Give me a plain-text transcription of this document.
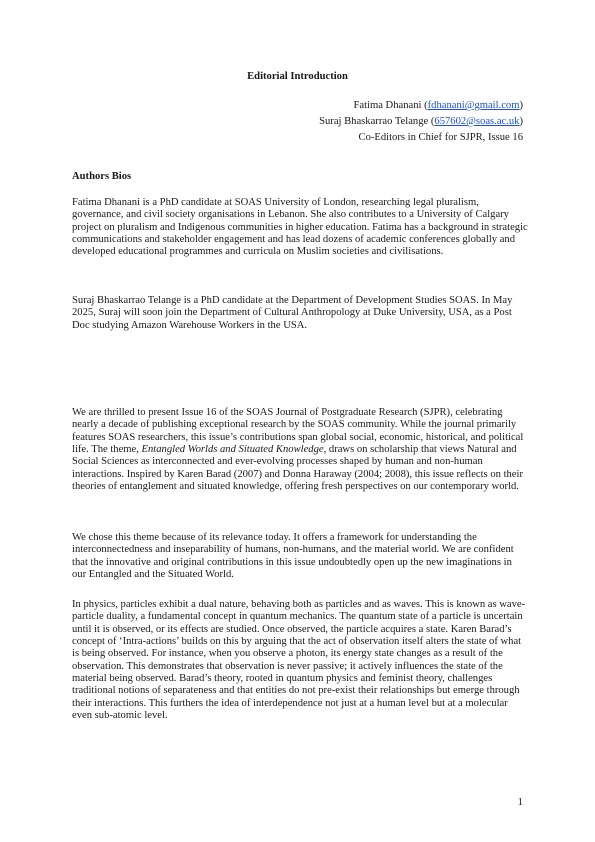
Editorial Introduction
Fatima Dhanani (fdhanani@gmail.com)
Suraj Bhaskarrao Telange (657602@soas.ac.uk)
Co-Editors in Chief for SJPR, Issue 16
Authors Bios

Fatima Dhanani is a PhD candidate at SOAS University of London, researching legal pluralism, governance, and civil society organisations in Lebanon. She also contributes to a University of Calgary project on pluralism and Indigenous communities in higher education. Fatima has a background in strategic communications and stakeholder engagement and has lead dozens of academic conferences globally and developed educational programmes and curricula on Muslim societies and civilisations.

Suraj Bhaskarrao Telange is a PhD candidate at the Department of Development Studies SOAS. In May 2025, Suraj will soon join the Department of Cultural Anthropology at Duke University, USA, as a Post Doc studying Amazon Warehouse Workers in the USA.

We are thrilled to present Issue 16 of the SOAS Journal of Postgraduate Research (SJPR), celebrating nearly a decade of publishing exceptional research by the SOAS community. While the journal primarily features SOAS researchers, this issue’s contributions span global social, economic, historical, and political life. The theme, Entangled Worlds and Situated Knowledge, draws on scholarship that views Natural and Social Sciences as interconnected and ever-evolving processes shaped by human and non-human interactions. Inspired by Karen Barad (2007) and Donna Haraway (2004; 2008), this issue reflects on their theories of entanglement and situated knowledge, offering fresh perspectives on our contemporary world.

We chose this theme because of its relevance today. It offers a framework for understanding the interconnectedness and inseparability of humans, non-humans, and the material world. We are confident that the innovative and original contributions in this issue undoubtedly open up the new imaginations in our Entangled and the Situated World.

In physics, particles exhibit a dual nature, behaving both as particles and as waves. This is known as wave-particle duality, a fundamental concept in quantum mechanics. The quantum state of a particle is uncertain until it is observed, or its effects are studied. Once observed, the particle acquires a state. Karen Barad’s concept of ‘Intra-actions’ builds on this by arguing that the act of observation itself alters the state of what is being observed. For instance, when you observe a photon, its energy state changes as a result of the observation. This demonstrates that observation is never passive; it actively influences the state of the material being observed. Barad’s theory, rooted in quantum physics and feminist theory, challenges traditional notions of separateness and that entities do not pre-exist their relationships but emerge through their interactions. This furthers the idea of interdependence not just at a human level but at a molecular even sub-atomic level.

1
